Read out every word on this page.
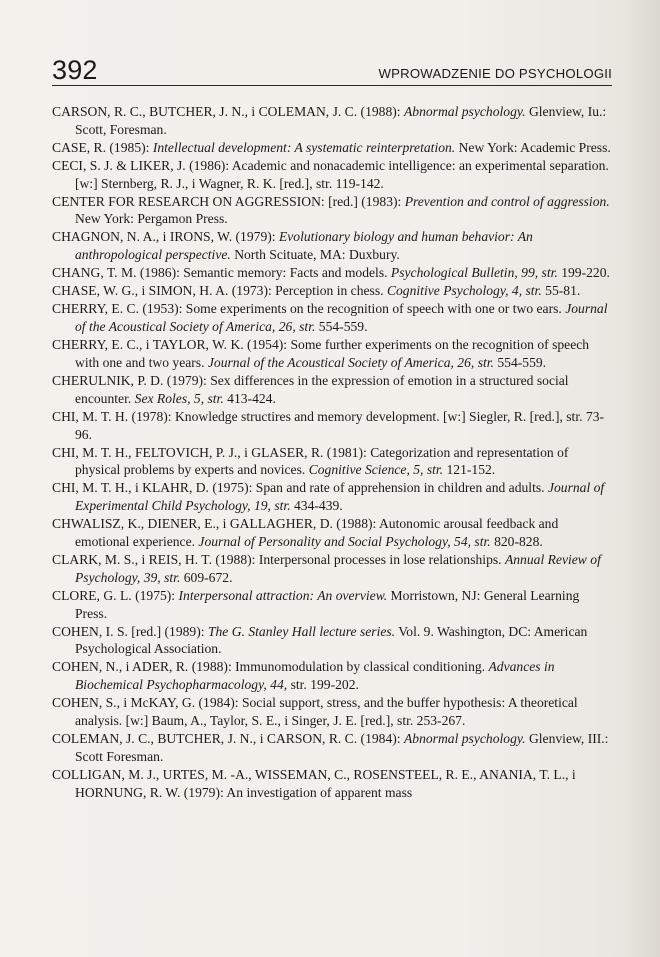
392	WPROWADZENIE DO PSYCHOLOGII
CARSON, R. C., BUTCHER, J. N., i COLEMAN, J. C. (1988): Abnormal psychology. Glenview, Iu.: Scott, Foresman.
CASE, R. (1985): Intellectual development: A systematic reinterpretation. New York: Academic Press.
CECI, S. J. & LIKER, J. (1986): Academic and nonacademic intelligence: an experimental separation. [w:] Sternberg, R. J., i Wagner, R. K. [red.], str. 119-142.
CENTER FOR RESEARCH ON AGGRESSION: [red.] (1983): Prevention and control of aggression. New York: Pergamon Press.
CHAGNON, N. A., i IRONS, W. (1979): Evolutionary biology and human behavior: An anthropological perspective. North Scituate, MA: Duxbury.
CHANG, T. M. (1986): Semantic memory: Facts and models. Psychological Bulletin, 99, str. 199-220.
CHASE, W. G., i SIMON, H. A. (1973): Perception in chess. Cognitive Psychology, 4, str. 55-81.
CHERRY, E. C. (1953): Some experiments on the recognition of speech with one or two ears. Journal of the Acoustical Society of America, 26, str. 554-559.
CHERRY, E. C., i TAYLOR, W. K. (1954): Some further experiments on the recognition of speech with one and two years. Journal of the Acoustical Society of America, 26, str. 554-559.
CHERULNIK, P. D. (1979): Sex differences in the expression of emotion in a structured social encounter. Sex Roles, 5, str. 413-424.
CHI, M. T. H. (1978): Knowledge structires and memory development. [w:] Siegler, R. [red.], str. 73-96.
CHI, M. T. H., FELTOVICH, P. J., i GLASER, R. (1981): Categorization and representation of physical problems by experts and novices. Cognitive Science, 5, str. 121-152.
CHI, M. T. H., i KLAHR, D. (1975): Span and rate of apprehension in children and adults. Journal of Experimental Child Psychology, 19, str. 434-439.
CHWALISZ, K., DIENER, E., i GALLAGHER, D. (1988): Autonomic arousal feedback and emotional experience. Journal of Personality and Social Psychology, 54, str. 820-828.
CLARK, M. S., i REIS, H. T. (1988): Interpersonal processes in lose relationships. Annual Review of Psychology, 39, str. 609-672.
CLORE, G. L. (1975): Interpersonal attraction: An overview. Morristown, NJ: General Learning Press.
COHEN, I. S. [red.] (1989): The G. Stanley Hall lecture series. Vol. 9. Washington, DC: American Psychological Association.
COHEN, N., i ADER, R. (1988): Immunomodulation by classical conditioning. Advances in Biochemical Psychopharmacology, 44, str. 199-202.
COHEN, S., i McKAY, G. (1984): Social support, stress, and the buffer hypothesis: A theoretical analysis. [w:] Baum, A., Taylor, S. E., i Singer, J. E. [red.], str. 253-267.
COLEMAN, J. C., BUTCHER, J. N., i CARSON, R. C. (1984): Abnormal psychology. Glenview, III.: Scott Foresman.
COLLIGAN, M. J., URTES, M. -A., WISSEMAN, C., ROSENSTEEL, R. E., ANANIA, T. L., i HORNUNG, R. W. (1979): An investigation of apparent mass
